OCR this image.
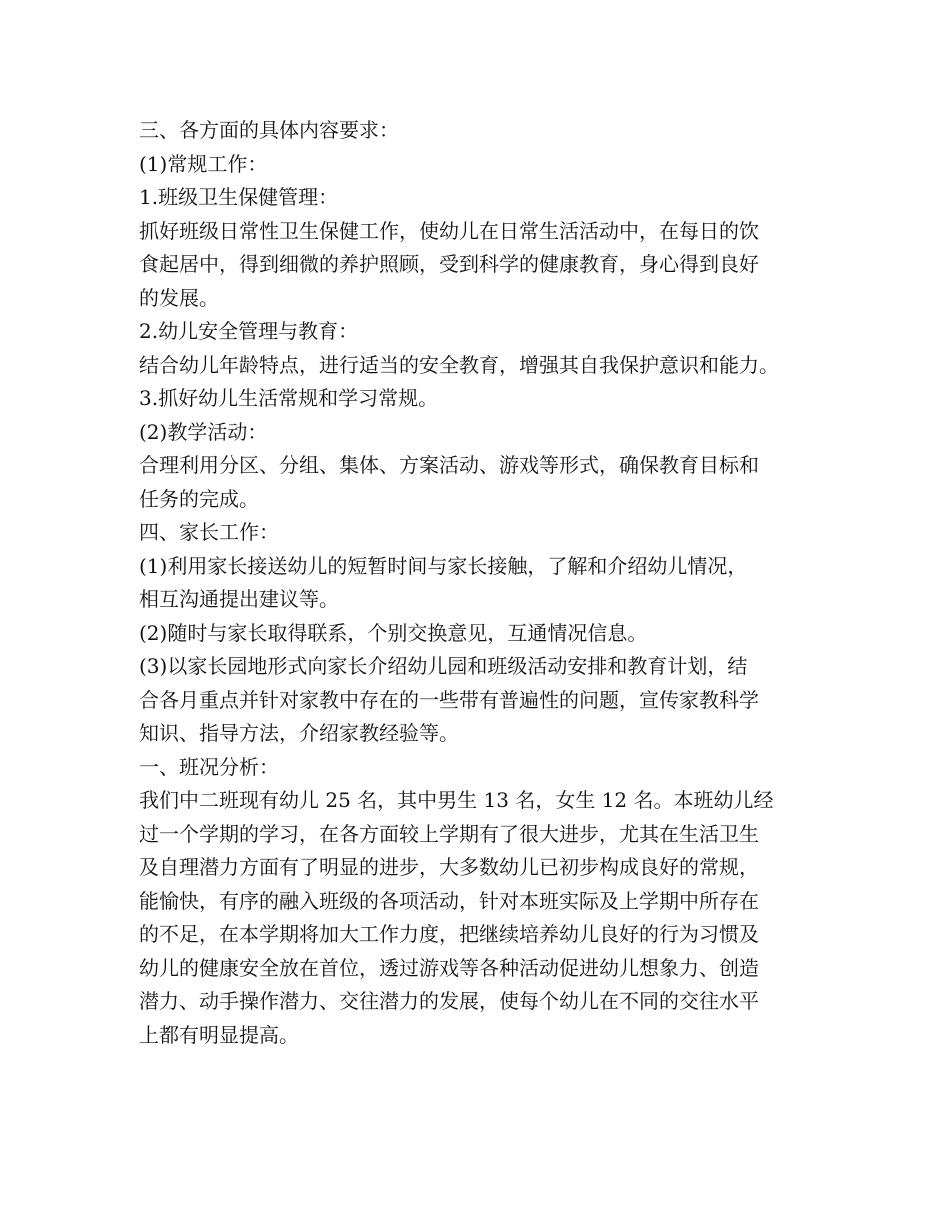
三、各方面的具体内容要求：
(1)常规工作：
1.班级卫生保健管理：
抓好班级日常性卫生保健工作，使幼儿在日常生活活动中，在每日的饮
食起居中，得到细微的养护照顾，受到科学的健康教育，身心得到良好
的发展。
2.幼儿安全管理与教育：
结合幼儿年龄特点，进行适当的安全教育，增强其自我保护意识和能力。
3.抓好幼儿生活常规和学习常规。
(2)教学活动：
合理利用分区、分组、集体、方案活动、游戏等形式，确保教育目标和
任务的完成。
四、家长工作：
(1)利用家长接送幼儿的短暂时间与家长接触，了解和介绍幼儿情况，
相互沟通提出建议等。
(2)随时与家长取得联系，个别交换意见，互通情况信息。
(3)以家长园地形式向家长介绍幼儿园和班级活动安排和教育计划，结
合各月重点并针对家教中存在的一些带有普遍性的问题，宣传家教科学
知识、指导方法，介绍家教经验等。
一、班况分析：
我们中二班现有幼儿 25 名，其中男生 13 名，女生 12 名。本班幼儿经
过一个学期的学习，在各方面较上学期有了很大进步，尤其在生活卫生
及自理潜力方面有了明显的进步，大多数幼儿已初步构成良好的常规，
能愉快，有序的融入班级的各项活动，针对本班实际及上学期中所存在
的不足，在本学期将加大工作力度，把继续培养幼儿良好的行为习惯及
幼儿的健康安全放在首位，透过游戏等各种活动促进幼儿想象力、创造
潜力、动手操作潜力、交往潜力的发展，使每个幼儿在不同的交往水平
上都有明显提高。
